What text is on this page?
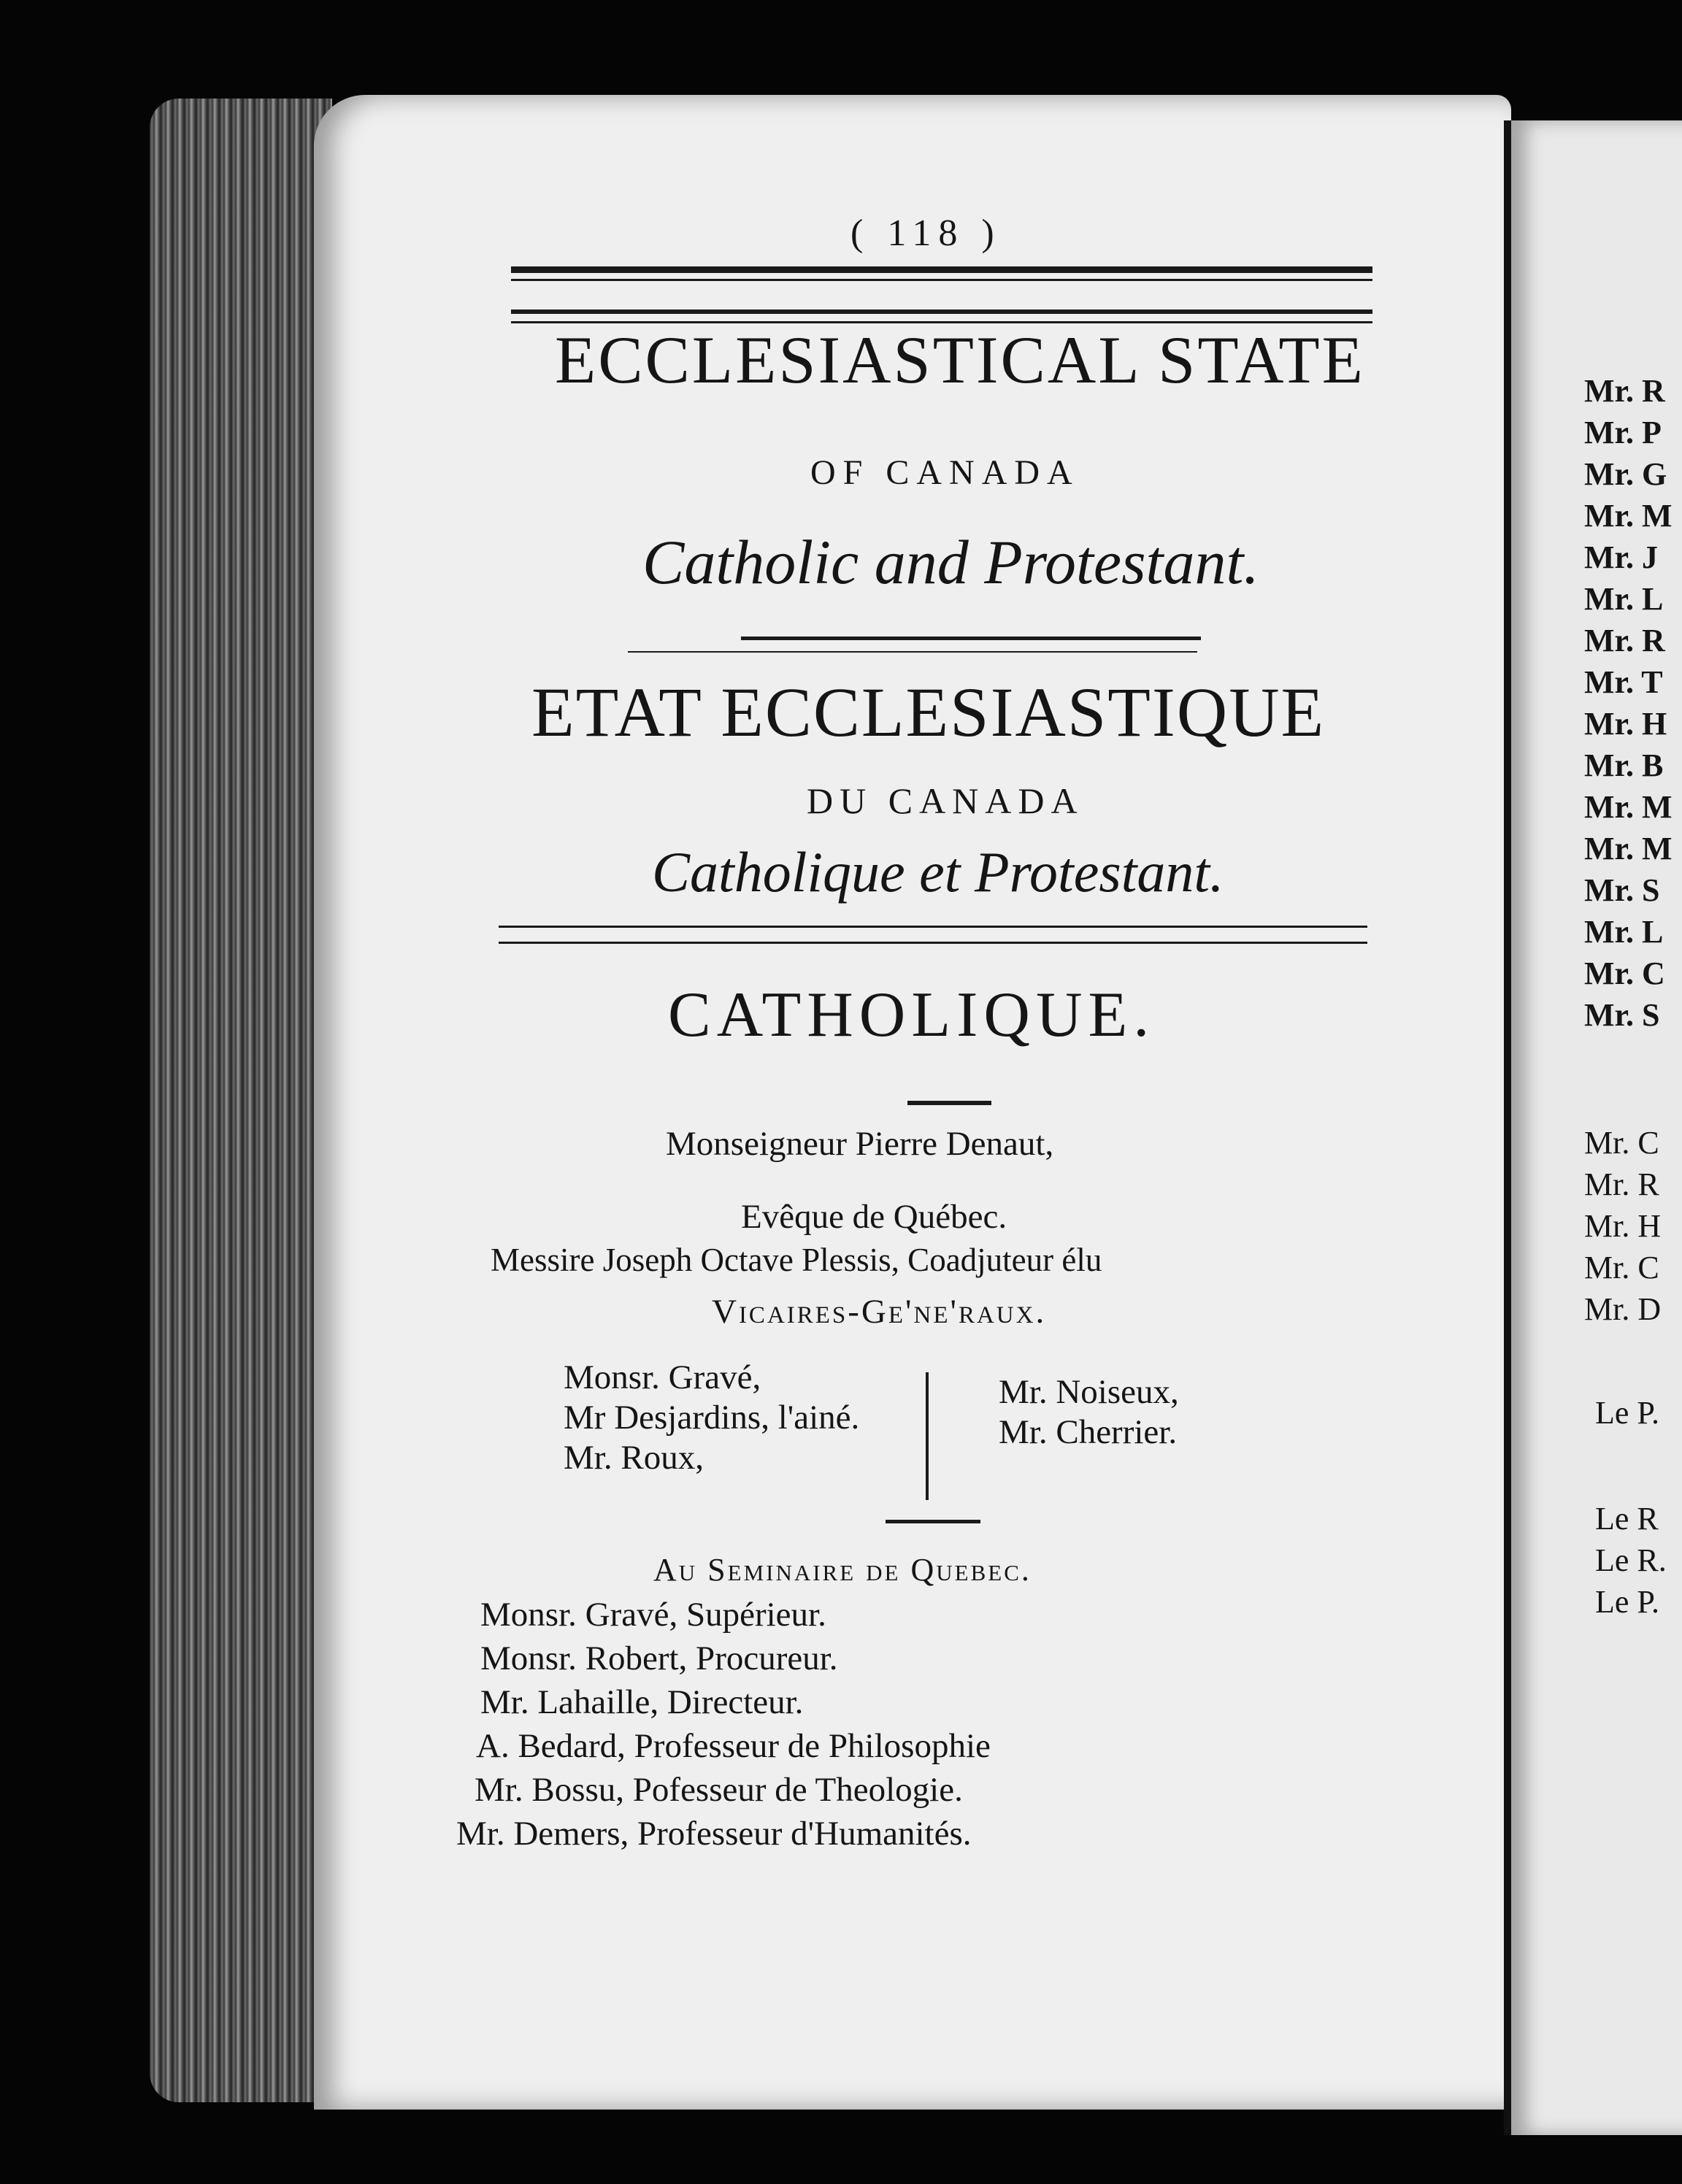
( 118 )
ECCLESIASTICAL STATE
OF CANADA
Catholic and Protestant.
ETAT ECCLESIASTIQUE
DU CANADA
Catholique et Protestant.
CATHOLIQUE.
Monseigneur Pierre Denaut,
Evêque de Québec.
Messire Joseph Octave Plessis, Coadjuteur élu
Vicaires-Ge'ne'raux.
Monsr. Gravé,
Mr Desjardins, l'ainé.
Mr. Roux,
Mr. Noiseux,
Mr. Cherrier.
Au Seminaire de Quebec.
Monsr. Gravé, Supérieur.
Monsr. Robert, Procureur.
Mr. Lahaille, Directeur.
A. Bedard, Professeur de Philosophie
Mr. Bossu, Pofesseur de Theologie.
Mr. Demers, Professeur d'Humanités.
Mr. R
Mr. P
Mr. G
Mr. M
Mr. J
Mr. L
Mr. R
Mr. T
Mr. H
Mr. B
Mr. M
Mr. M
Mr. S
Mr. L
Mr. C
Mr. S
Mr. C
Mr. R
Mr. H
Mr. C
Mr. D
Le P.
Le R
Le R.
Le P.
